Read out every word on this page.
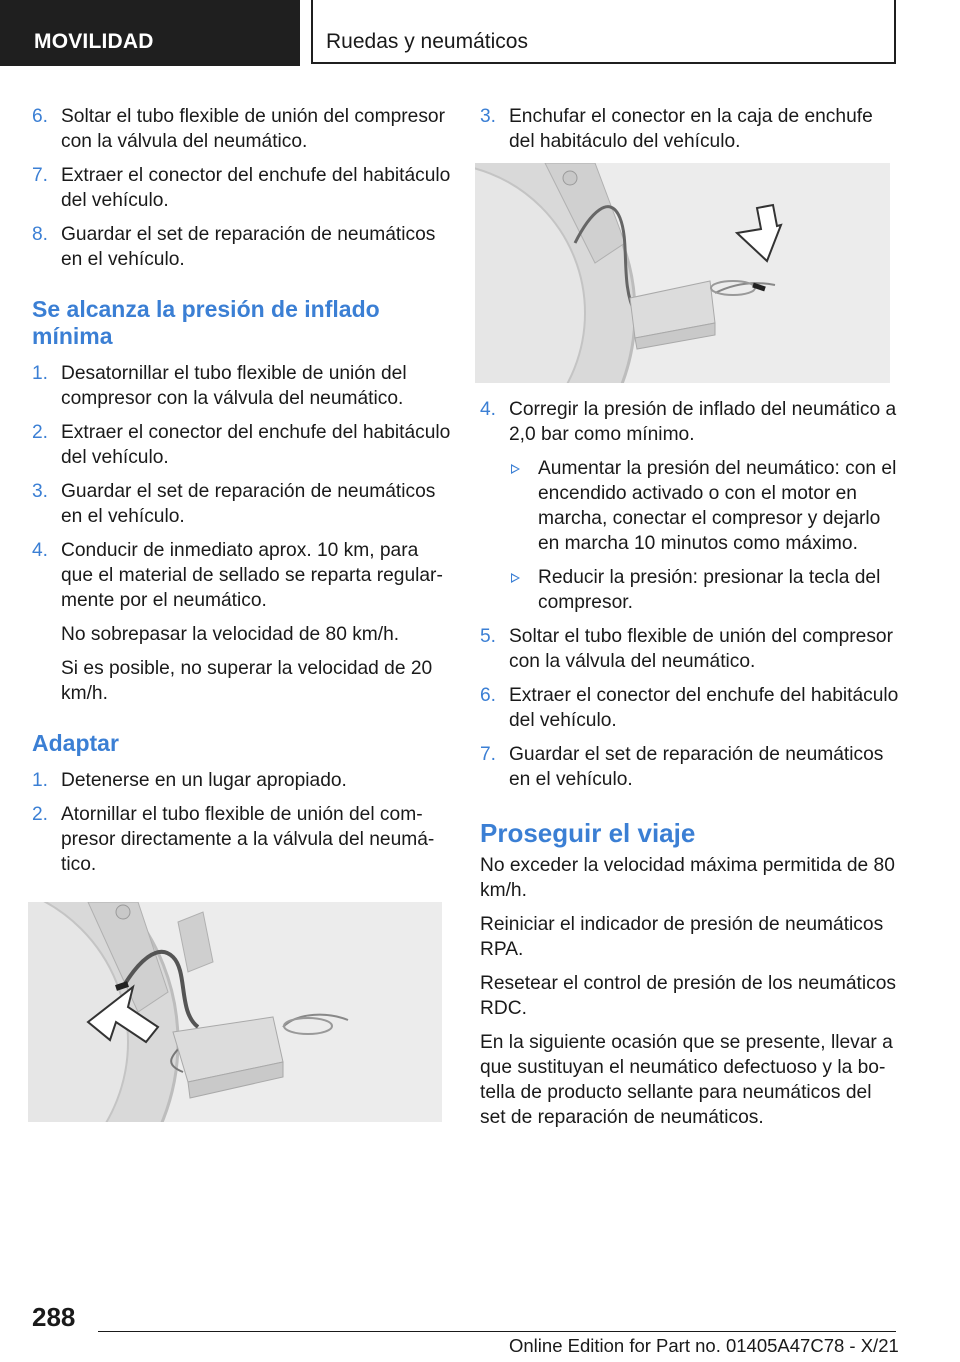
MOVILIDAD	Ruedas y neumáticos
6. Soltar el tubo flexible de unión del compresor con la válvula del neumático.
7. Extraer el conector del enchufe del habitáculo del vehículo.
8. Guardar el set de reparación de neumáticos en el vehículo.
Se alcanza la presión de inflado mínima
1. Desatornillar el tubo flexible de unión del compresor con la válvula del neumático.
2. Extraer el conector del enchufe del habitáculo del vehículo.
3. Guardar el set de reparación de neumáticos en el vehículo.
4. Conducir de inmediato aprox. 10 km, para que el material de sellado se reparta regularmente por el neumático.
No sobrepasar la velocidad de 80 km/h.
Si es posible, no superar la velocidad de 20 km/h.
Adaptar
1. Detenerse en un lugar apropiado.
2. Atornillar el tubo flexible de unión del compresor directamente a la válvula del neumático.
3. Enchufar el conector en la caja de enchufe del habitáculo del vehículo.
4. Corregir la presión de inflado del neumático a 2,0 bar como mínimo.
Aumentar la presión del neumático: con el encendido activado o con el motor en marcha, conectar el compresor y dejarlo en marcha 10 minutos como máximo.
Reducir la presión: presionar la tecla del compresor.
5. Soltar el tubo flexible de unión del compresor con la válvula del neumático.
6. Extraer el conector del enchufe del habitáculo del vehículo.
7. Guardar el set de reparación de neumáticos en el vehículo.
Proseguir el viaje
No exceder la velocidad máxima permitida de 80 km/h.
Reiniciar el indicador de presión de neumáticos RPA.
Resetear el control de presión de los neumáticos RDC.
En la siguiente ocasión que se presente, llevar a que sustituyan el neumático defectuoso y la botella de producto sellante para neumáticos del set de reparación de neumáticos.
288
Online Edition for Part no. 01405A47C78 - X/21
